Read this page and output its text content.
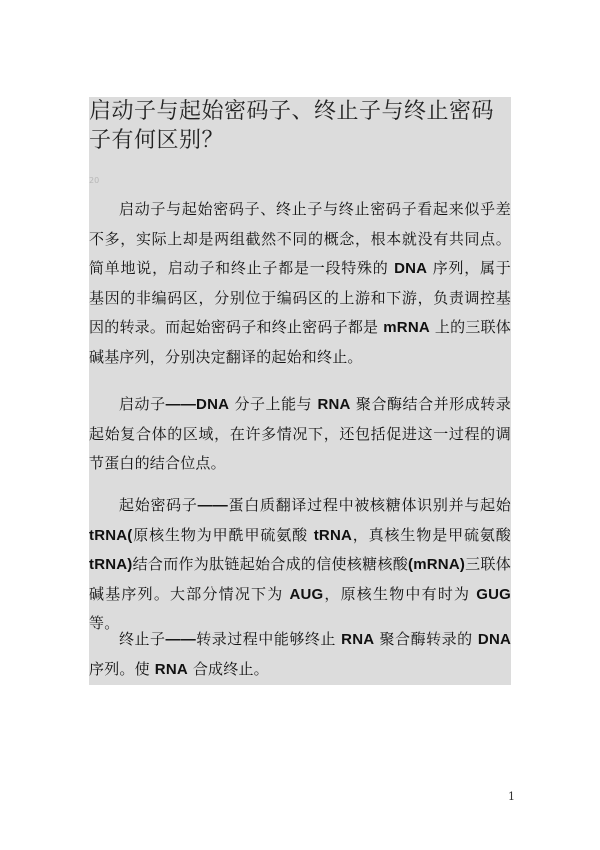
启动子与起始密码子、终止子与终止密码子有何区别？
20

启动子与起始密码子、终止子与终止密码子看起来似乎差不多，实际上却是两组截然不同的概念，根本就没有共同点。简单地说，启动子和终止子都是一段特殊的 DNA 序列，属于基因的非编码区，分别位于编码区的上游和下游，负责调控基因的转录。而起始密码子和终止密码子都是 mRNA 上的三联体碱基序列，分别决定翻译的起始和终止。

启动子——DNA 分子上能与 RNA 聚合酶结合并形成转录起始复合体的区域，在许多情况下，还包括促进这一过程的调节蛋白的结合位点。

起始密码子——蛋白质翻译过程中被核糖体识别并与起始 tRNA(原核生物为甲酰甲硫氨酸 tRNA，真核生物是甲硫氨酸 tRNA)结合而作为肽链起始合成的信使核糖核酸(mRNA)三联体碱基序列。大部分情况下为 AUG，原核生物中有时为 GUG 等。

终止子——转录过程中能够终止 RNA 聚合酶转录的 DNA 序列。使 RNA 合成终止。

1
